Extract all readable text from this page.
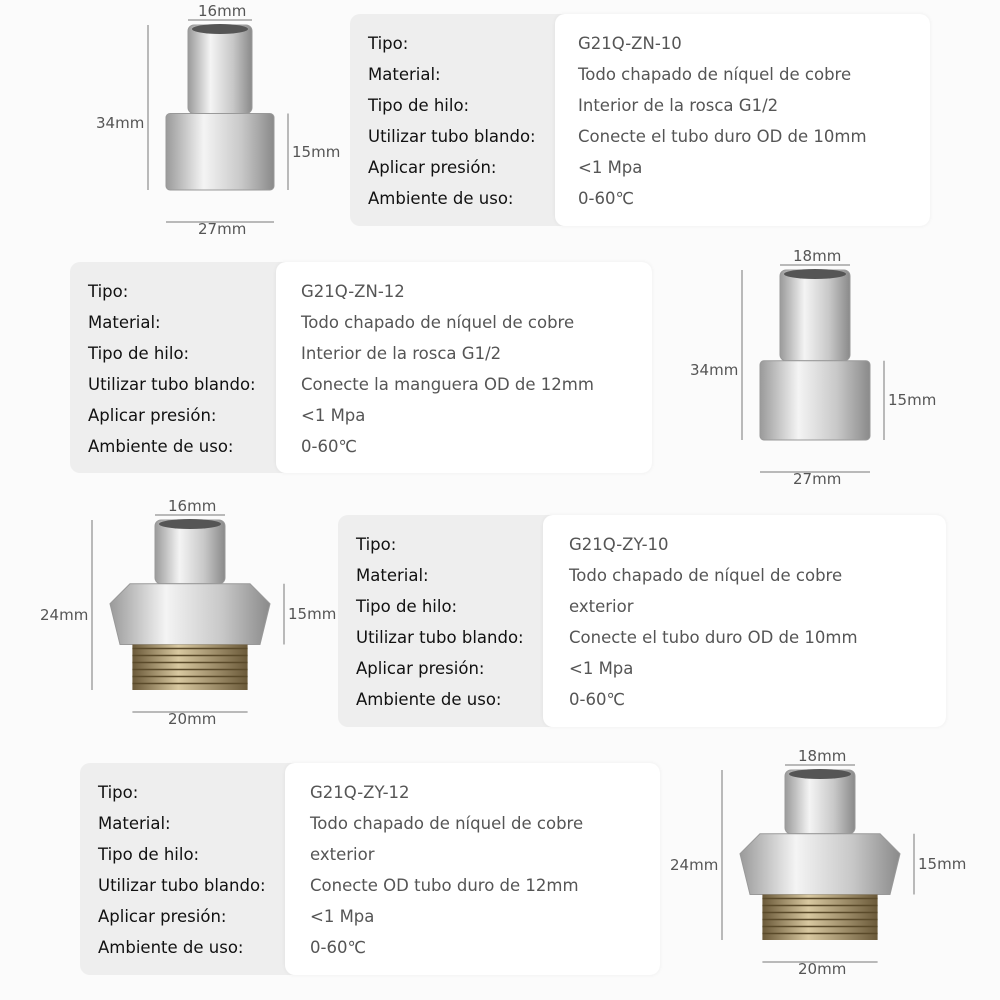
Tipo:	G21Q-ZN-10
Material:	Todo chapado de níquel de cobre
Tipo de hilo:	Interior de la rosca G1/2
Utilizar tubo blando:	Conecte el tubo duro OD de 10mm
Aplicar presión:	<1 Mpa
Ambiente de uso:	0-60℃
16mm
27mm
34mm
15mm
Tipo:	G21Q-ZN-12
Material:	Todo chapado de níquel de cobre
Tipo de hilo:	Interior de la rosca G1/2
Utilizar tubo blando:	Conecte la manguera OD de 12mm
Aplicar presión:	<1 Mpa
Ambiente de uso:	0-60℃
18mm
27mm
34mm
15mm
Tipo:	G21Q-ZY-10
Material:	Todo chapado de níquel de cobre
Tipo de hilo:	exterior
Utilizar tubo blando:	Conecte el tubo duro OD de 10mm
Aplicar presión:	<1 Mpa
Ambiente de uso:	0-60℃
16mm
20mm
24mm	15mm
Tipo:	G21Q-ZY-12
Material:	Todo chapado de níquel de cobre
Tipo de hilo:	exterior
Utilizar tubo blando:	Conecte OD tubo duro de 12mm
Aplicar presión:	<1 Mpa
Ambiente de uso:	0-60℃
18mm
20mm
24mm	15mm
